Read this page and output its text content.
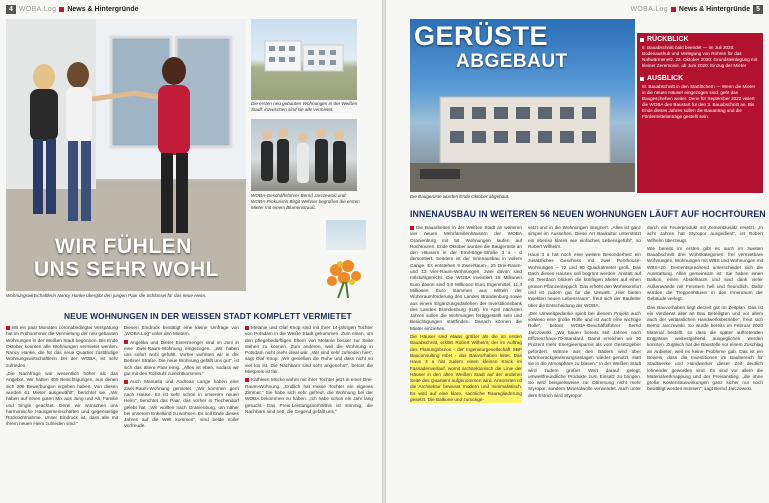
4 WOBA.Log News & Hintergründe
WIR FÜHLEN
UNS SEHR WOHL
Wohnungswirtschaftlerin Nancy Hanke übergibt den jungen Paar die Schlüssel für das neue Heim.
Die ersten neu gebauten Wohnungen in der Weißen Stadt: inzwischen sind sie alle vermietet.
WOBA-Geschäftsführer Bernd Jarczewski und WOBA-Prokuristin Birgit Wehner begrüßen die ersten Mieter mit einem Blumenstrauß.
NEUE WOHNUNGEN IN DER WEISSEN STADT KOMPLETT VERMIETET

Mit ein paar Monaten coronabedingter Verspätung hat im Frühsommer die Vermietung der neu gebauten Wohnungen in der Weißen Stadt begonnen. Bis Ende Oktober konnten alle Wohnungen vermietet werden. Nancy Hanke, die für das neue Quartier zuständige Wohnungswirtschaftlerin bei der WOBA, ist sehr zufrieden.

„Die Nachfrage war wesentlich höher als das Angebot. Wir hatten 400 Besichtigungen, aus denen sich 200 Bewerbungen ergeben haben. Von diesen wurden 61 Mieter ausgewählt“, berichtet sie. „Wir haben auf einen guten Mix aus Jung und Alt, Familie und Single geachtet. Denn wir wünschen uns harmonische Hausgemeinschaften und gegenseitige Rücksichtnahme. Unser Eindruck ist, dass alle mit ihrem neuen Heim zufrieden sind.“

Diesen Eindruck bestätigt eine kleine Umfrage von „WOBA.Log“ unter den Mietern.

Angelika und Dieter Eisenmenger sind im Juni in eine Zwei-Raum-Wohnung eingezogen. „Wir haben uns sofort wohl gefühlt. Vorher wohnten wir in der Berliner Straße. Die neue Wohnung gefällt uns gut“, ist sich das ältere Paar einig. „Alles ist eben, sodass wir gut mit den Rollstuhl zurechtkommen.“

Auch Manuela und Andreas Lange haben eine Zwei-Raum-Wohnung gemietet. „Wir kommen gern nach Hause. Es ist sehr schön in unserem neuen Heim“, berichtet das Paar, das vorher in Tiechendorf gelebt hat. „Wir wollten nach Oranienburg, um näher bei unserem Enkelkind zu wohnen. Es soll Ende dieses Jahres auf die Welt kommen“, sind beide voller Vorfreude.

Melanie und Olaf Knop sind mit ihrer 14-jährigen Tochter von Potsdam in die Weiße Stadt gekommen. Zum einen, um den pflegebedürftigen Eltern von Melanie besser zur Seite stehen zu können. Zum anderen, weil die Wohnung in Potsdam nicht mehr ideal war. „Wir sind sehr zufrieden hier“, sagt Olaf Knop. „Wir genießen die Ruhe und dass nicht so viel los ist. Die Nachbarn sind sehr angenehm“, betont die Mietpreis ist fair.

Kathleen Mücke wohnt mit ihrer Tochter jetzt in einer Drei-Raum-Wohnung. „Endlich hat meine Tochter ein eigenes Zimmer.“ Sie habe sich sehr gefreut, die Wohnung bei der WOBA bekommen zu haben. „Ich habe schon ein Jahr lang gesucht. Das Preis-Leistungsverhältnis ist stimmig, die Nachbarn sind nett, die Gegend gefällt uns.“

WOBA.Log News & Hintergründe 5
GERÜSTE
ABGEBAUT
Die Baugerüste wurden Ende Oktober abgebaut.
RÜCKBLICK
II. Bauabschnitt bald beendet — im Juli 2020: Bodenaushub und Verlegung von Rohren für das Nahwärmenetz. 23. Oktober 2020: Grundsteinlegung mit kleiner Zeremonie. ab Juni 2020: Einzug der Mieter
AUSBLICK
III. Bauabschnitt in den Startlöchern — Wenn die Mieter in die neuen Häuser eingezogen sind, geht das Baugeschehen weiter. Denn für September 2022 visiert die WOBA den Baustart für den 3. Bauabschnitt an. Bis Ende dieses Jahres sollen die Bauantrag und die Fördermittelanträge gestellt sein.
INNENAUSBAU IN WEITEREN 56 NEUEN WOHNUNGEN LÄUFT AUF HOCHTOUREN

Die Bauarbeiten in der Weißen Stadt an weiteren vier neuen Mehrfamilienhäusern der WOBA Oranienburg mit 56 Wohnungen laufen auf Hochtouren. Ende Oktober wurden die Baugerüste an den Häusern in der Emil-Böge-Straße 3 a - d demontiert. Seitdem ist der Innenausbau in vollem Gange. Es entstehen 9 Zwei-Raum-, 25 Drei-Raum- und 12 Vier-Raum-Wohnungen, zwei davon sind rollstuhlgerecht. Die WOBA investiert 15 Millionen Euro davon sind 3,8 Millionen Euro Eigenmittel, 11,4 Millionen Euro stammen aus Mitteln der Wohnraumförderung des Landes Brandenburg sowie aus einem Ergänzungsdarlehen der Investitionsbank des Landes Brandenburg (ILB). Im April nächsten Jahres sollen die Wohnungen fertiggestellt sein und Besichtigungen stattfinden. Danach können die Mieter einziehen.

Die Häuser sind etwas größer als die im ersten Bauabschnitt, erklärt Robert Wilhelm, der im Auftrag des Planungsbüros - der Ingenieurgesellschaft SBP Bauconsulting mbH - das Bauvorhaben leitet. Das Haus 3 a hat zudem einen kleinen Knick im Fassadenverlauf, womit architektonisch die Linie der Häuser in den alten Weißen Stadt auf der anderen Seite des Quartiers aufgenommen wird. Ansonsten ist die Architektur bewusst modern und minimalistisch. Es wird auf eine klare, sachliche Raumgliederung gesetzt. Die Balkone und zurückge-

setzt und in die Wohnungen integriert. „Alles ist ganz simpel im Aussehen. Diese Art Baukultur unterstützt ein ebenso klares wie einfaches Lebensgefühl“, so Robert Wilhelm.

Haus 3 a hat noch eine weitere Besonderheit: ein zusätzliches Geschoss mit zwei Penthouse-Wohnungen – 72 und 90 Quadratmeter groß. Das Dach dieses Hauses soll begrünt werden. Anstatt auf ein Teerdach blicken die künftigen Mieter auf einen grünen Pflanzenteppich. Das erhöht den Wohnkomfort und ist zudem gut für die Umwelt. „Hier bieten Insekten neuen Lebensraum“, freut sich der Bauleiter über die Entscheidung der WOBA.

„Der Umweltgedanke spielt bei diesem Projekt auch sowieso eine große Rolle und ist auch eine wichtige Rolle“, betont WOBA-Geschäftsführer Bernd Jarczewski. „Wir bauen bereits seit Jahren nach Effizienzhaus-70-Standard. Damit erreichen wir 30 Prozent mehr Energieersparnis als vom Gesetzgeber gefordert. Wärme aus den Bädern wird über Wärmerückgewinnungsanlagen wieder genutzt, statt sie in die Atmosphäre zu blasen.“ In der Weißen Stadt wird zudem großer Wert darauf gelegt, umweltfreundliche Produkte zum Einsatz zu bringen. So wird beispielsweise zur Dämmung nicht mehr Styropor, sondern Mineralwolle verwendet. Auch unter dem Estrich wird Styropor

durch ein Feuerprodukt mit Zementzusatz ersetzt. „In acht Jahren hat Styropor ausgedient“, ist Robert Wilhelm überzeugt.

Wie bereits im ersten gibt es auch im zweiten Bauabschnitt drei Wohnkategorien: frei vermietbare Wohnungen, Wohnungen mit WBS und Wohnungen mit WBS+20. Dementsprechend unterscheidet sich die Ausstattung. Allen gemeinsam ist: Sie haben einen Balkon, einen Abstellraum und sind dank vieler Außenwände mit Fenstern hell und freundlich. Dafür wurden die Treppenhäuser in den Innenraum der Gebäude verlegt.

Das Bauvorhaben liegt derzeit gut im Zeitplan. Das ist ein Verdienst aller an Bau Beteiligten und vor allem auch der verlässlichen Handwerksbetriebe“, freut sich Bernd Jarczewski. So wurde bereits im Februar 2020 Material bestellt, so dass die später auftretenden Engpässe weitestgehend ausgeglichen werden konnten. Zugleich hat die Baustelle vor einem Zuschlag an Anbieter, weil es keine Probleme gab. Das ist ein Beweis, dass die Investitionen im Baubereich für Stadtwerke und Handwerker dieser Zeit deutlich lohnender geworden sind. Es sind vor allem die Materialverknappung und der Preisanstieg, „die ohne große Kostensauswirkungen ganz sicher nur noch bewältigt werden müssen“, sagt Bernd Jarczewski.
